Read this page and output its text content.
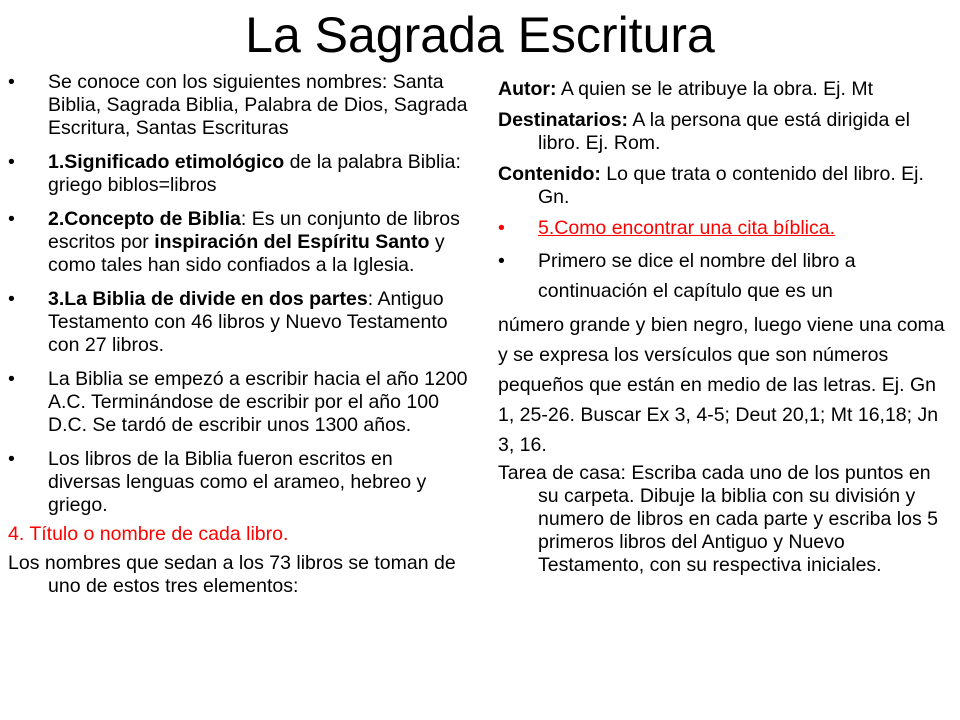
La Sagrada Escritura
•	Se conoce con los siguientes nombres: Santa Biblia, Sagrada Biblia, Palabra de Dios, Sagrada Escritura, Santas Escrituras
•	1.Significado etimológico de la palabra Biblia: griego biblos=libros
•	2.Concepto de Biblia: Es un conjunto de libros escritos por inspiración del Espíritu Santo y como tales han sido confiados a la Iglesia.
•	3.La Biblia de divide en dos partes: Antiguo Testamento con 46 libros y Nuevo Testamento con 27 libros.
•	La Biblia se empezó a escribir hacia el año 1200 A.C. Terminándose de escribir por el año 100 D.C. Se tardó de escribir unos 1300 años.
•	Los libros de la Biblia fueron escritos en diversas lenguas como el arameo, hebreo y griego.
4. Título o nombre de cada libro.
Los nombres que sedan a los 73 libros se toman de uno de estos tres elementos:
Autor: A quien se le atribuye la obra. Ej. Mt
Destinatarios: A la persona que está dirigida el libro. Ej. Rom.
Contenido: Lo que trata o contenido del libro. Ej. Gn.
•	5.Como encontrar una cita bíblica.
•	Primero se dice el nombre del libro a continuación el capítulo que es un
número grande y bien negro, luego viene una coma y se expresa los versículos que son números pequeños que están en medio de las letras. Ej. Gn 1, 25-26. Buscar Ex 3, 4-5; Deut 20,1; Mt 16,18; Jn 3, 16.
Tarea de casa: Escriba cada uno de los puntos en su carpeta. Dibuje la biblia con su división y numero de libros en cada parte y escriba los 5 primeros libros del Antiguo y Nuevo Testamento, con su respectiva iniciales.
